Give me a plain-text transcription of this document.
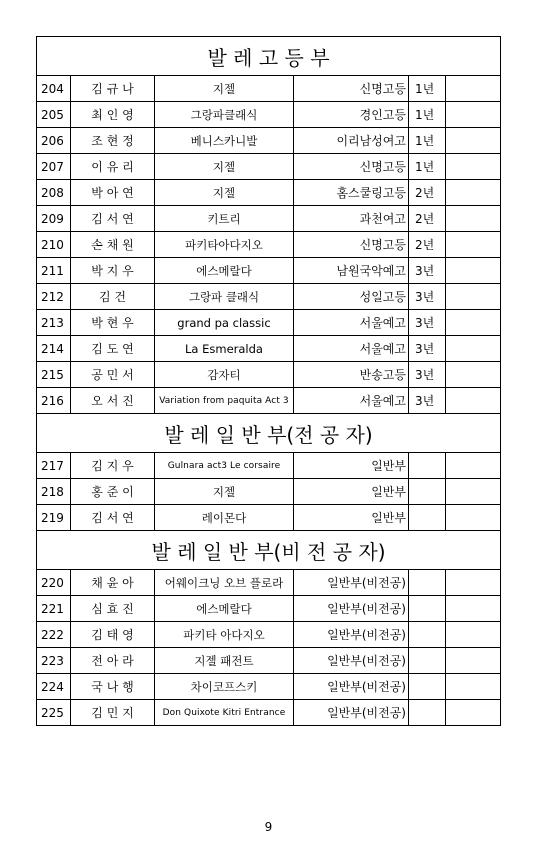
발 레 고 등 부					
204	김 규 나	지젤	신명고등	1년	
205	최 인 영	그랑파클래식	경인고등	1년	
206	조 현 정	베니스카니발	이리남성여고	1년	
207	이 유 리	지젤	신명고등	1년	
208	박 아 연	지젤	홈스쿨링고등	2년	
209	김 서 연	키트리	과천여고	2년	
210	손 채 원	파키타아다지오	신명고등	2년	
211	박 지 우	에스메랄다	남원국악예고	3년	
212	김 건	그랑파 클래식	성일고등	3년	
213	박 현 우	grand pa classic	서울예고	3년	
214	김 도 연	La Esmeralda	서울예고	3년	
215	공 민 서	감자티	반송고등	3년	
216	오 서 진	Variation from paquita Act 3	서울예고	3년	
발 레 일 반 부(전 공 자)					
217	김 지 우	Gulnara act3 Le corsaire	일반부		
218	홍 준 이	지젤	일반부		
219	김 서 연	레이몬다	일반부		
발 레 일 반 부(비 전 공 자)					
220	채 윤 아	어웨이크닝 오브 플로라	일반부(비전공)		
221	심 효 진	에스메랄다	일반부(비전공)		
222	김 태 영	파키타 아다지오	일반부(비전공)		
223	전 아 라	지젤 패전트	일반부(비전공)		
224	국 나 행	차이코프스키	일반부(비전공)		
225	김 민 지	Don Quixote Kitri Entrance	일반부(비전공)		
9
